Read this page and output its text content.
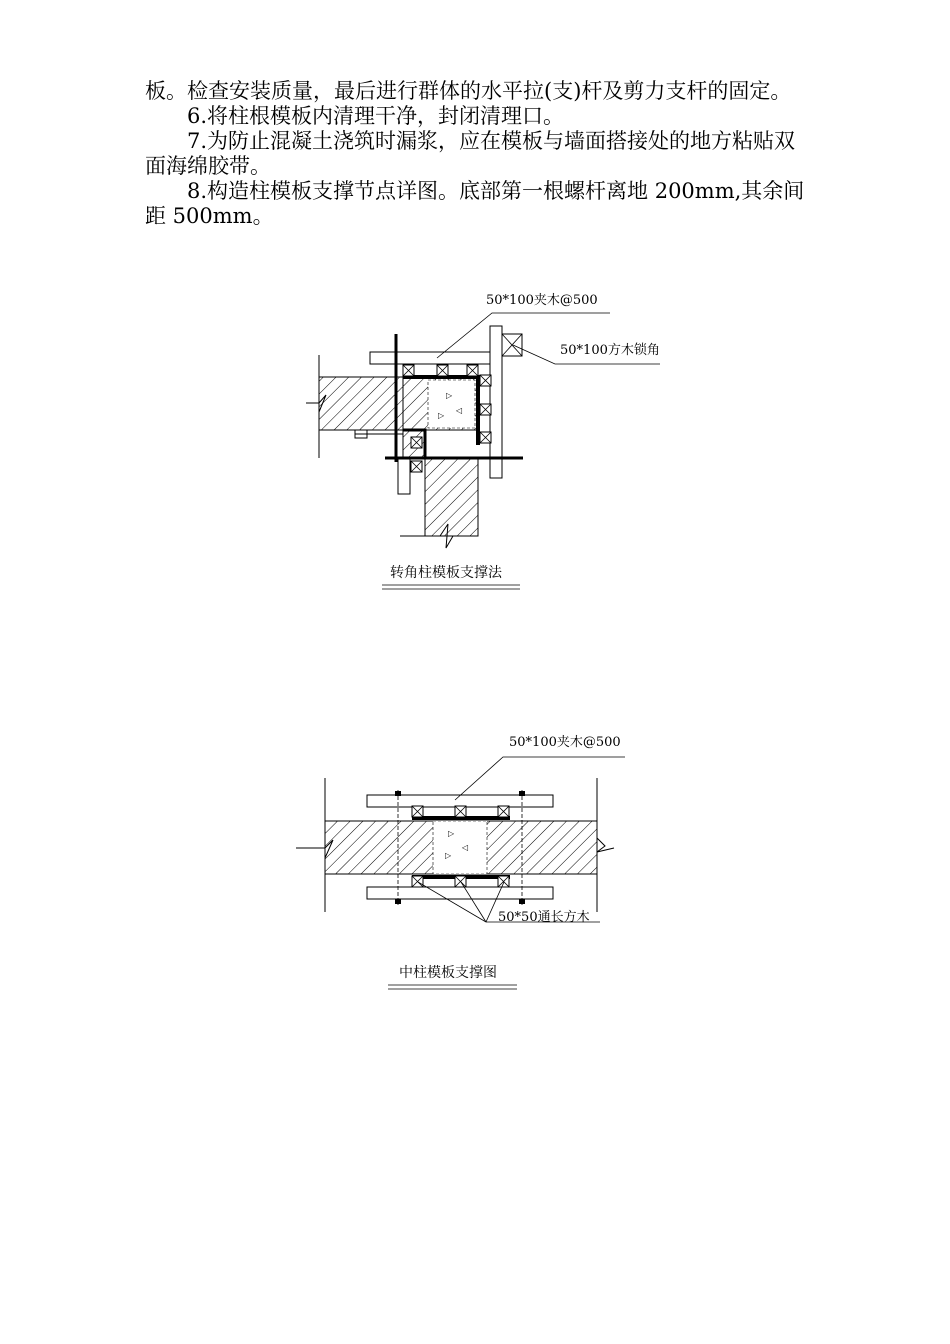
板。检查安装质量，最后进行群体的水平拉(支)杆及剪力支杆的固定。
6.将柱根模板内清理干净，封闭清理口。
7.为防止混凝土浇筑时漏浆，应在模板与墙面搭接处的地方粘贴双面海绵胶带。
8.构造柱模板支撑节点详图。底部第一根螺杆离地 200mm,其余间距 500mm。
▷
◁
▷
50*100夹木@500
50*100方木锁角
转角柱模板支撑法
▷
◁
▷
50*100夹木@500
50*50通长方木
中柱模板支撑图
